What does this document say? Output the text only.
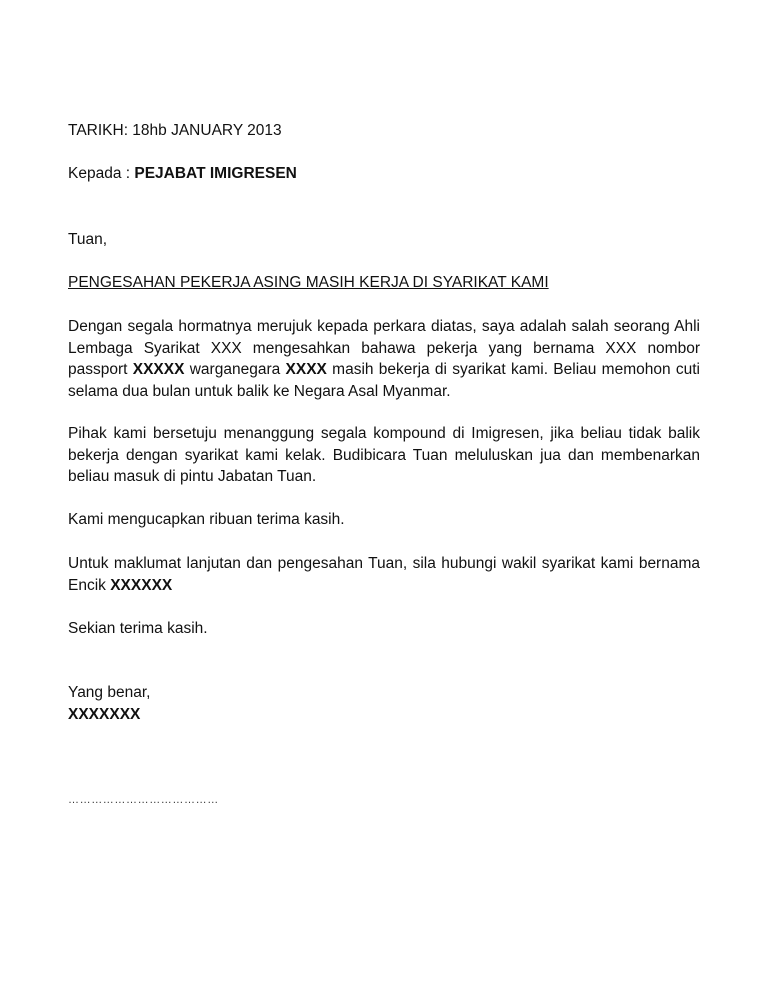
TARIKH: 18hb JANUARY 2013
Kepada : PEJABAT IMIGRESEN
Tuan,
PENGESAHAN PEKERJA ASING MASIH KERJA DI SYARIKAT KAMI
Dengan segala hormatnya merujuk kepada perkara diatas, saya adalah salah seorang Ahli Lembaga Syarikat XXX mengesahkan bahawa pekerja yang bernama XXX nombor passport XXXXX warganegara XXXX masih bekerja di syarikat kami. Beliau memohon cuti selama dua bulan untuk balik ke Negara Asal Myanmar.
Pihak kami bersetuju menanggung segala kompound di Imigresen, jika beliau tidak balik bekerja dengan syarikat kami kelak. Budibicara Tuan meluluskan jua dan membenarkan beliau masuk di pintu Jabatan Tuan.
Kami mengucapkan ribuan terima kasih.
Untuk maklumat lanjutan dan pengesahan Tuan, sila hubungi wakil syarikat kami bernama Encik XXXXXX
Sekian terima kasih.
Yang benar,
XXXXXXX
…………………………………
